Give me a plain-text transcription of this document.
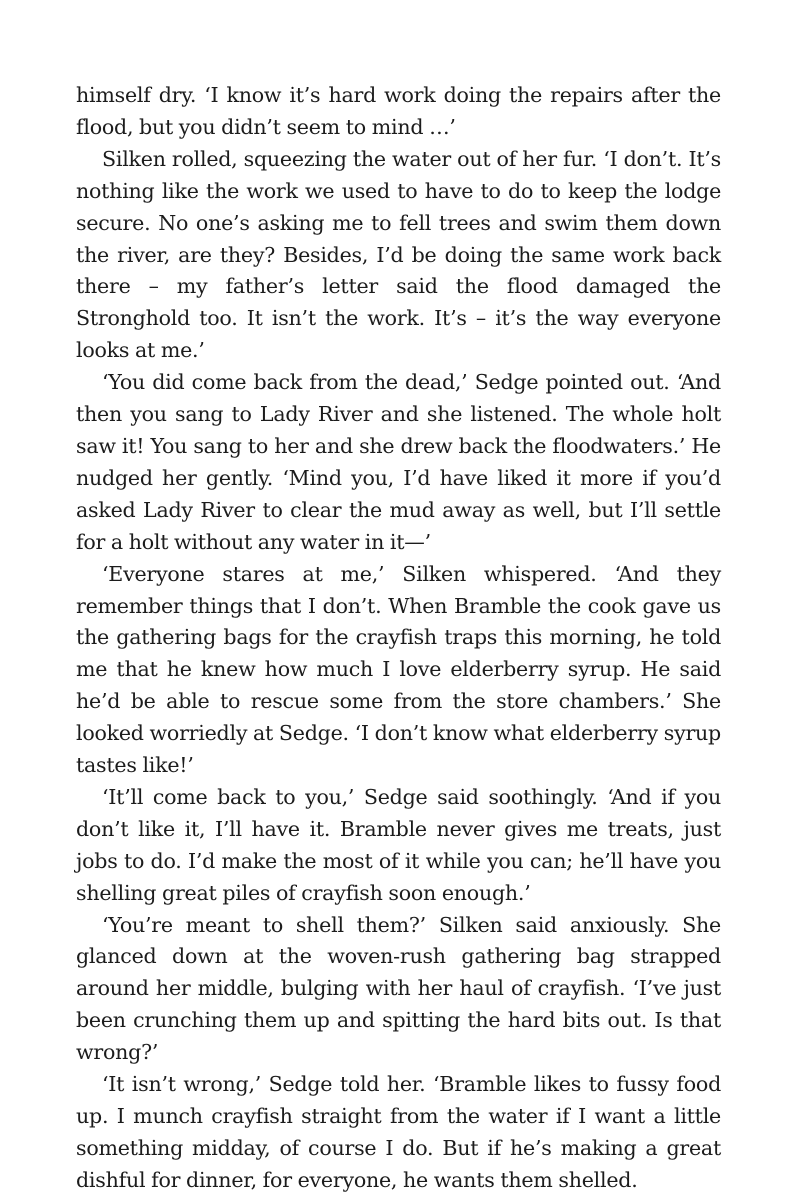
himself dry. ‘I know it’s hard work doing the repairs after the flood, but you didn’t seem to mind …’

Silken rolled, squeezing the water out of her fur. ‘I don’t. It’s nothing like the work we used to have to do to keep the lodge secure. No one’s asking me to fell trees and swim them down the river, are they? Besides, I’d be doing the same work back there – my father’s letter said the flood damaged the Stronghold too. It isn’t the work. It’s – it’s the way everyone looks at me.’

‘You did come back from the dead,’ Sedge pointed out. ‘And then you sang to Lady River and she listened. The whole holt saw it! You sang to her and she drew back the floodwaters.’ He nudged her gently. ‘Mind you, I’d have liked it more if you’d asked Lady River to clear the mud away as well, but I’ll settle for a holt without any water in it—’

‘Everyone stares at me,’ Silken whispered. ‘And they remember things that I don’t. When Bramble the cook gave us the gathering bags for the crayfish traps this morning, he told me that he knew how much I love elderberry syrup. He said he’d be able to rescue some from the store chambers.’ She looked worriedly at Sedge. ‘I don’t know what elderberry syrup tastes like!’

‘It’ll come back to you,’ Sedge said soothingly. ‘And if you don’t like it, I’ll have it. Bramble never gives me treats, just jobs to do. I’d make the most of it while you can; he’ll have you shelling great piles of crayfish soon enough.’

‘You’re meant to shell them?’ Silken said anxiously. She glanced down at the woven-rush gathering bag strapped around her middle, bulging with her haul of crayfish. ‘I’ve just been crunching them up and spitting the hard bits out. Is that wrong?’

‘It isn’t wrong,’ Sedge told her. ‘Bramble likes to fussy food up. I munch crayfish straight from the water if I want a little something midday, of course I do. But if he’s making a great dishful for dinner, for everyone, he wants them shelled.
